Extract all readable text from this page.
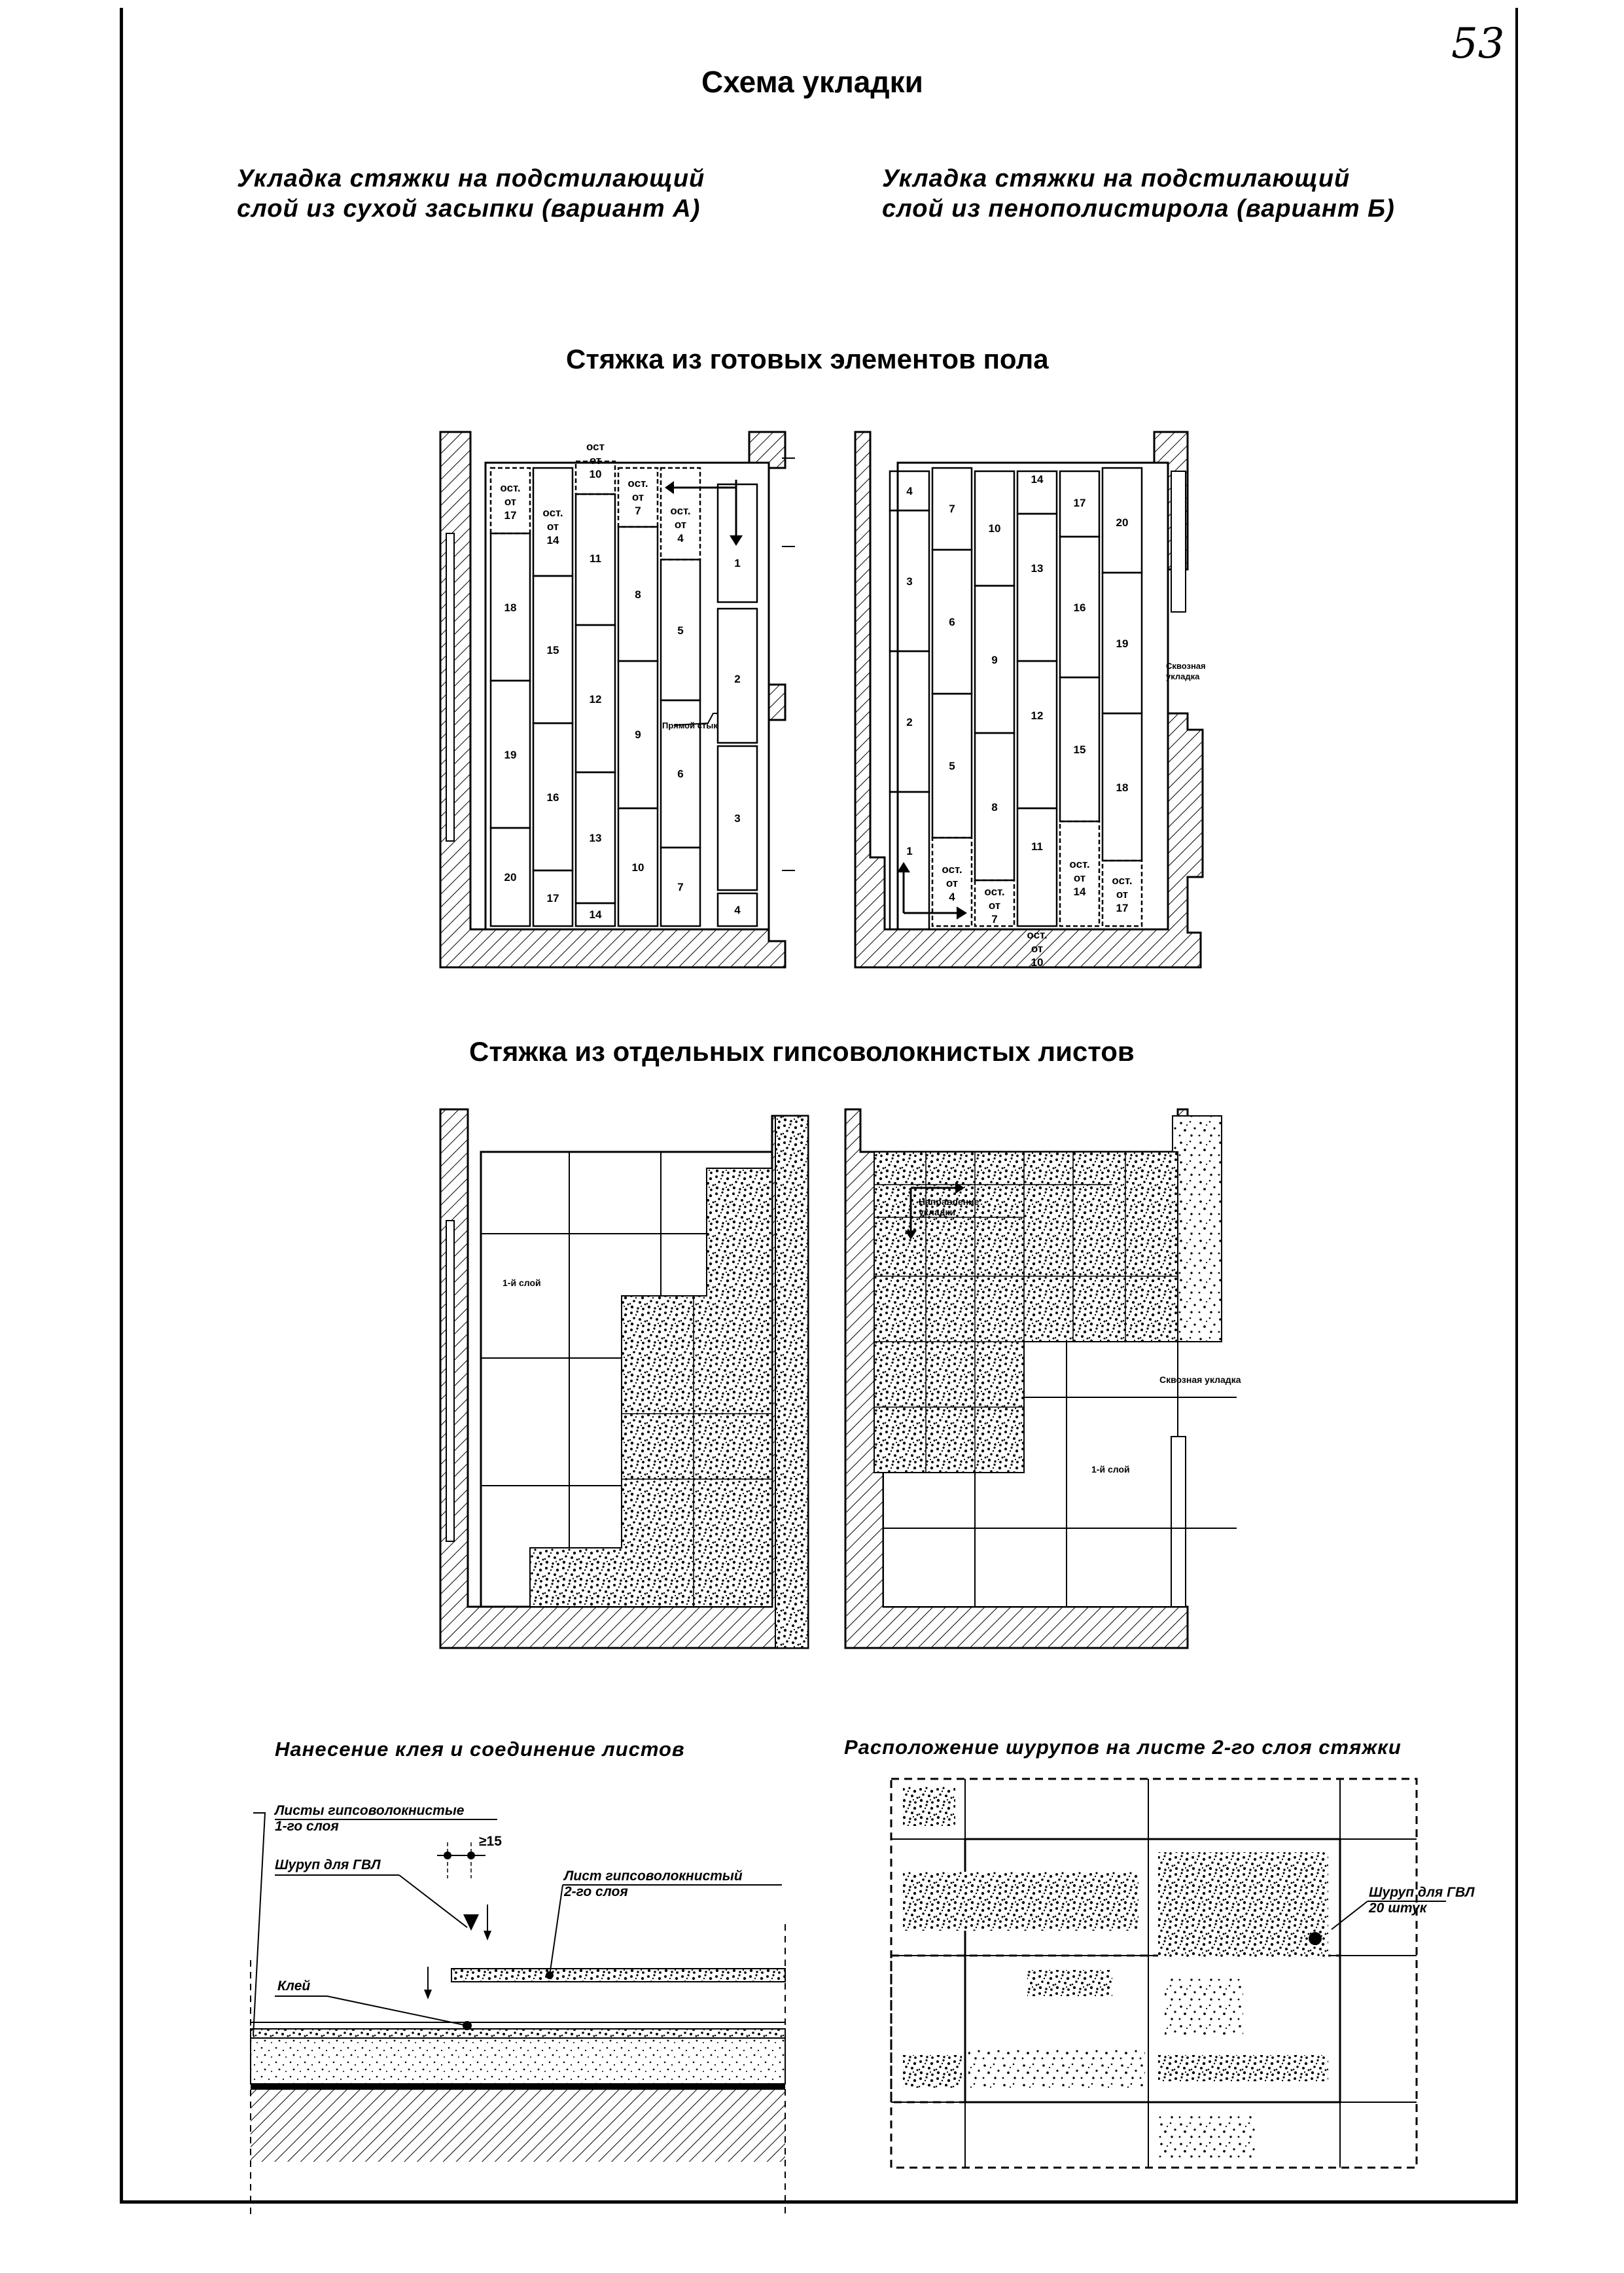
53
Схема укладки
Укладка стяжки на подстилающий
слой из сухой засыпки (вариант А)
Укладка стяжки на подстилающий
слой из пенополистирола (вариант Б)
Стяжка из готовых элементов пола
Стяжка из отдельных гипсоволокнистых листов
ост.
от
17
18
19
20
ост.
от
14
15
16
17
ост
от
10
11
12
13
14
ост.
от
7
8
9
10
ост.
от
4
5
6
7
1
2
3
4
Прямой стык
4
3
2
1
7
6
5
ост.
от
4
10
9
8
ост.
от
7
14
13
12
11
ост.
от
10
17
16
15
ост.
от
14
20
19
18
ост.
от
17
Сквозная
укладка
1-й слой
Направление
укладки
Сквозная укладка
1-й слой
Нанесение клея и соединение листов
Листы гипсоволокнистые
1-го слоя
Шуруп для ГВЛ
≥15
Лист гипсоволокнистый
2-го слоя
Клей
Расположение шурупов на листе 2-го слоя стяжки
Шуруп для ГВЛ
20 штук
